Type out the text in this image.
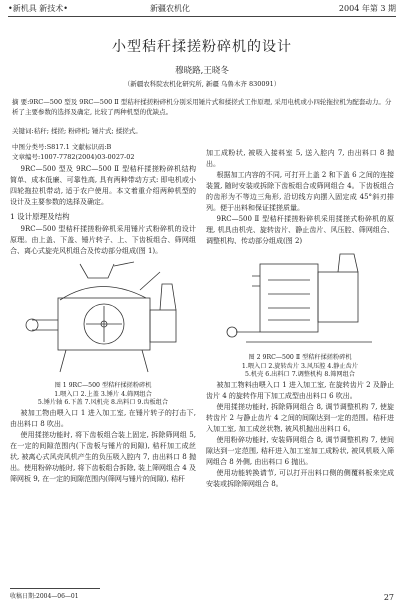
•新机具 新技术•	新疆农机化	2004 年第 3 期
小型秸秆揉搓粉碎机的设计
穆晓路,王晓冬
（新疆农科院农机化研究所, 新疆 乌鲁木齐 830091）
摘 要:9RC—500 型及 9RC—500 Ⅱ 型秸秆揉搓粉碎机分别采用锤片式和揉搓式工作原理, 采用电机或小四轮拖拉机为配套动力。分析了主要参数的选择及确定, 比较了两种机型的优缺点。
关键词:秸秆; 揉搓; 粉碎机; 锤片式; 揉搓式。
中图分类号:S817.1 文献标识码:B
文章编号:1007-7782(2004)03-0027-02

9RC—500 型及 9RC—500 Ⅱ 型秸秆揉搓粉碎机结构简单、成本低廉、可靠性高, 具有两种带动方式: 即电机或小四轮拖拉机带动, 适于农户使用。本文着重介绍两种机型的设计及主要参数的选择及确定。

1 设计原理及结构

9RC—500 型秸秆揉搓粉碎机采用锤片式粉碎机的设计原理。由上盖、下盖、锤片转子、上、下齿板组合、筛网组合、离心式旋壳风机组合及传动部分组成(图 1)。

图 1 9RC—500 型秸秆揉搓粉碎机
1.喂入口 2.上盖 3.锤片 4.筛网组合
5.锤片轴 6.下盖 7.风机壳 8.出料口 9.齿板组合

被加工物由喂入口 1 进入加工室, 在锤片转子的打击下, 由出料口 8 吹出。

使用揉搓功能时, 将下齿板组合装上固定, 拆除筛网组 5, 在一定的间隙范围内(下齿板与锤片的间隙), 秸秆加工成丝状, 被离心式风壳风机产生的负压吸入腔内 7, 由出料口 8 抛出。使用粉碎功能时, 将下齿板组合拆除, 装上筛网组合 4 及筛网板 9, 在一定的间隙范围内(筛网与锤片的间隙), 秸秆

加工成粉状, 被吸入接料室 5, 送入腔内 7, 由出料口 8 抛出。

根据加工内容的不同, 可打开上盖 2 和下盖 6 之间的连接装置, 随时安装或拆除下齿板组合或筛网组合 4。下齿板组合的齿形为不等边三角形, 沿切线方向摆入固定成 45°斜刃排列。便于出料和保证揉搓质量。

9RC—500 Ⅱ 型秸秆揉搓粉碎机采用揉搓式粉碎机的原理, 机具由机壳、旋转齿片、静止齿片、风压腔、筛网组合、调整机构、传动部分组成(图 2)

图 2 9RC—500 Ⅱ 型秸秆揉搓粉碎机
1.喂入口 2.旋转齿片 3.风压腔 4.静止齿片
5.机壳 6.出料口 7.调整机构 8.筛网组合

被加工物料由喂入口 1 进入加工室, 在旋转齿片 2 及静止齿片 4 的旋转作用下加工成型由出料口 6 吹出。

使用揉搓功能时, 拆除筛网组合 8, 调节调整机构 7, 使旋转齿片 2 与静止齿片 4 之间的间隙达到一定的范围。秸秆进入加工室, 加工成丝状物, 被风机抛出出料口 6。

使用粉碎功能时, 安装筛网组合 8, 调节调整机构 7, 使间隙达到一定范围, 秸秆进入加工室加工成粉状, 被风机吸入筛网组合 8 外侧, 由出料口 6 抛出。

使用功能转换请节, 可以打开出料口侧的侧覆料板来完成安装或拆除筛网组合 8。

收稿日期:2004—06—01	27
